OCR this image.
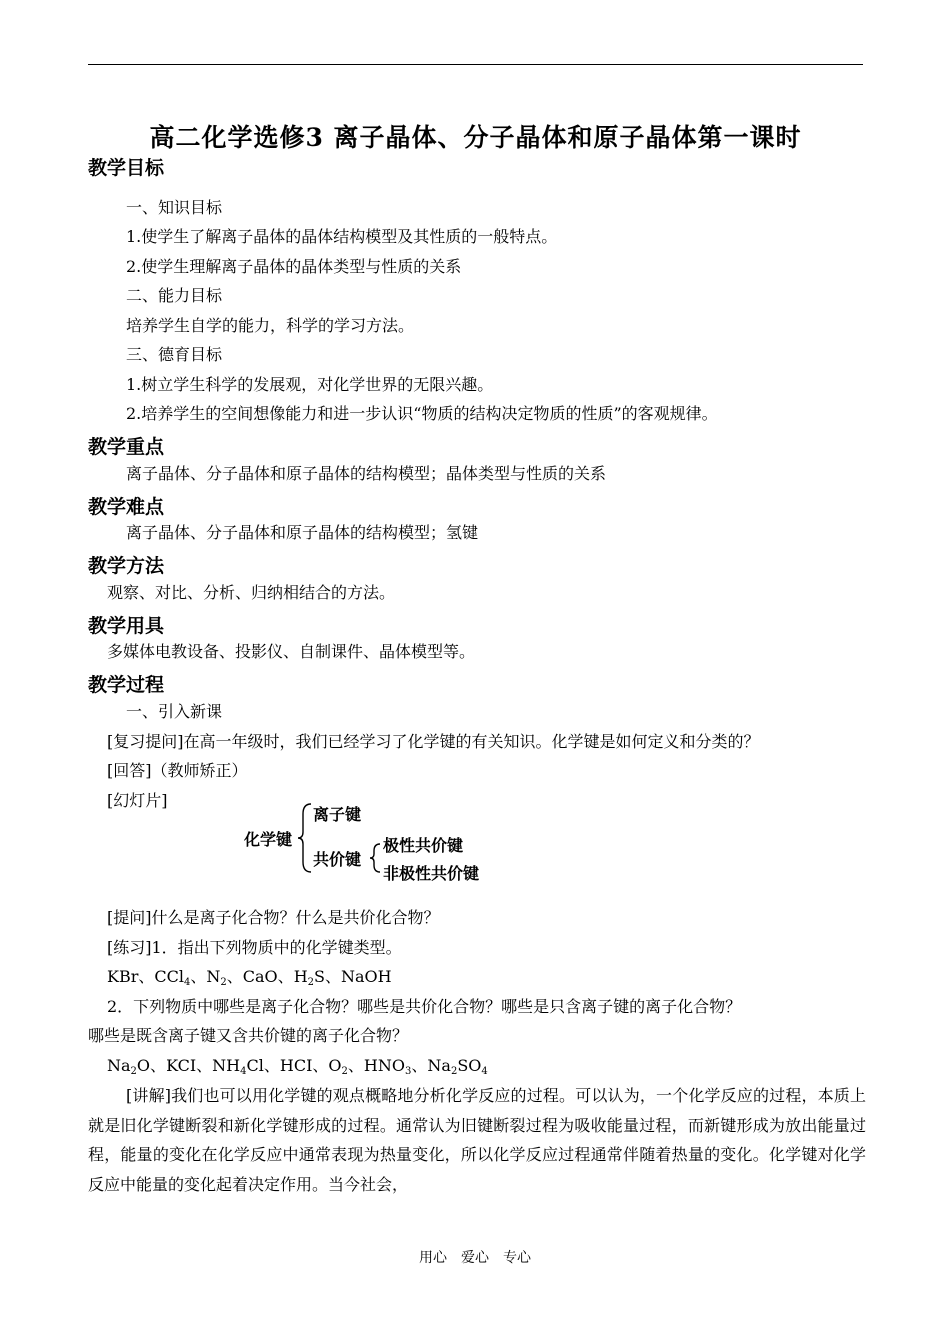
高二化学选修3 离子晶体、分子晶体和原子晶体第一课时
教学目标
一、知识目标
1.使学生了解离子晶体的晶体结构模型及其性质的一般特点。
2.使学生理解离子晶体的晶体类型与性质的关系
二、能力目标
培养学生自学的能力，科学的学习方法。
三、德育目标
1.树立学生科学的发展观，对化学世界的无限兴趣。
2.培养学生的空间想像能力和进一步认识“物质的结构决定物质的性质”的客观规律。
教学重点
离子晶体、分子晶体和原子晶体的结构模型；晶体类型与性质的关系
教学难点
离子晶体、分子晶体和原子晶体的结构模型；氢键
教学方法
观察、对比、分析、归纳相结合的方法。
教学用具
多媒体电教设备、投影仪、自制课件、晶体模型等。
教学过程
一、引入新课
[复习提问]在高一年级时，我们已经学习了化学键的有关知识。化学键是如何定义和分类的？
[回答]（教师矫正）
[幻灯片]
化学键
离子键
共价键
极性共价键
非极性共价键
[提问]什么是离子化合物？什么是共价化合物？
[练习]1．指出下列物质中的化学键类型。
KBr、CCl$_4$、$N_2$、CaO、$H_2S$、NaOH
2．下列物质中哪些是离子化合物？哪些是共价化合物？哪些是只含离子键的离子化合物？
哪些是既含离子键又含共价键的离子化合物？
$Na_2O$、KCI、$NH_4Cl$、HCI、$O_2$、$HNO_3$、$Na_2SO_4$
[讲解]我们也可以用化学键的观点概略地分析化学反应的过程。可以认为，一个化学反应的过程，本质上就是旧化学键断裂和新化学键形成的过程。通常认为旧键断裂过程为吸收能量过程，而新键形成为放出能量过程，能量的变化在化学反应中通常表现为热量变化，所以化学反应过程通常伴随着热量的变化。化学键对化学反应中能量的变化起着决定作用。当今社会，
用心　爱心　专心
